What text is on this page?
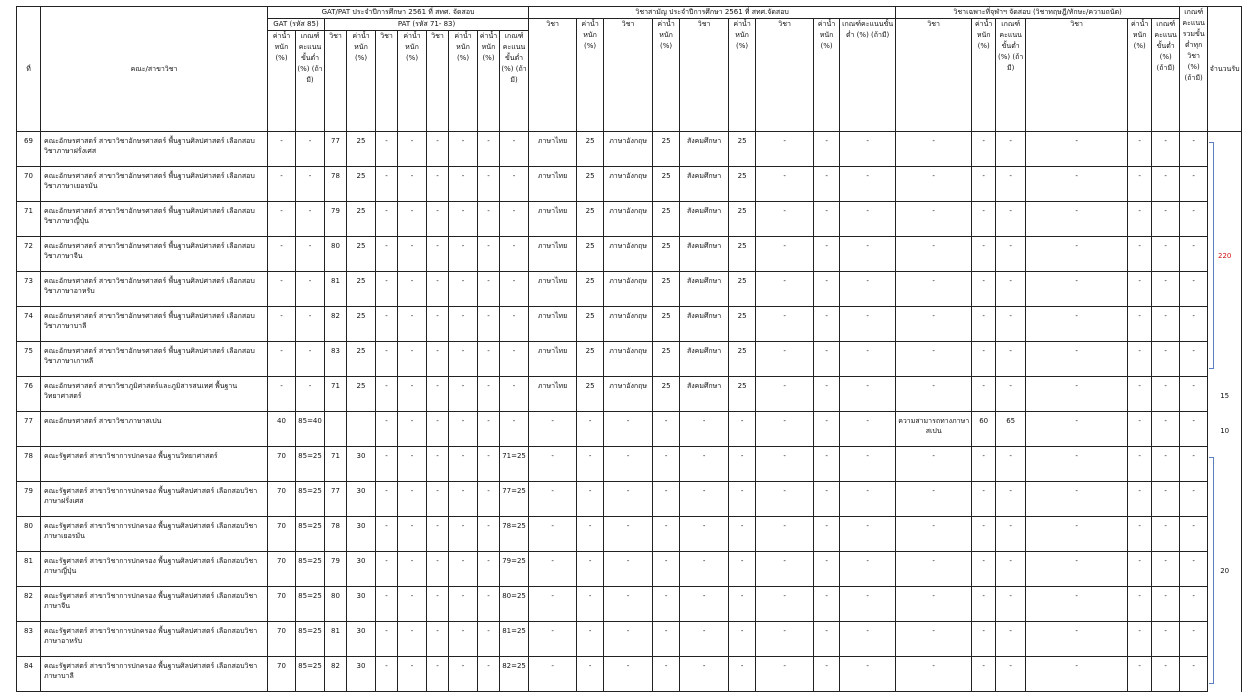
ที่	คณะ/สาขาวิชา	GAT/PAT ประจำปีการศึกษา 2561 ที่ สทศ. จัดสอบ										วิชาสามัญ ประจำปีการศึกษา 2561 ที่ สทศ.จัดสอบ									วิชาเฉพาะที่จุฬาฯ จัดสอบ (วิชาทฤษฎี/ทักษะ/ความถนัด)						เกณฑ์คะแนนรวมขั้นต่ำทุกวิชา (%) (ถ้ามี)	จำนวนรับ
		GAT (รหัส 85)		PAT (รหัส 71- 83)								วิชา	ค่าน้ำหนัก (%)	วิชา	ค่าน้ำหนัก (%)	วิชา	ค่าน้ำหนัก (%)	วิชา	ค่าน้ำหนัก (%)	เกณฑ์คะแนนขั้นต่ำ (%) (ถ้ามี)	วิชา	ค่าน้ำหนัก (%)	เกณฑ์คะแนนขั้นต่ำ (%) (ถ้ามี)	วิชา	ค่าน้ำหนัก (%)	เกณฑ์คะแนนขั้นต่ำ (%) (ถ้ามี)		
		ค่าน้ำหนัก (%)	เกณฑ์คะแนนขั้นต่ำ (%) (ถ้ามี)	วิชา	ค่าน้ำหนัก (%)	วิชา	ค่าน้ำหนัก (%)	วิชา	ค่าน้ำหนัก (%)	ค่าน้ำหนัก (%)	เกณฑ์คะแนนขั้นต่ำ (%) (ถ้ามี)																	
69	คณะอักษรศาสตร์ สาขาวิชาอักษรศาสตร์ พื้นฐานศิลปศาสตร์ เลือกสอบวิชาภาษาฝรั่งเศส	-	-	77	25	-	-	-	-	-	-	ภาษาไทย	25	ภาษาอังกฤษ	25	สังคมศึกษา	25	-	-	-	-	-	-	-	-	-	-	220
70	คณะอักษรศาสตร์ สาขาวิชาอักษรศาสตร์ พื้นฐานศิลปศาสตร์ เลือกสอบวิชาภาษาเยอรมัน	-	-	78	25	-	-	-	-	-	-	ภาษาไทย	25	ภาษาอังกฤษ	25	สังคมศึกษา	25	-	-	-	-	-	-	-	-	-	-	
71	คณะอักษรศาสตร์ สาขาวิชาอักษรศาสตร์ พื้นฐานศิลปศาสตร์ เลือกสอบวิชาภาษาญี่ปุ่น	-	-	79	25	-	-	-	-	-	-	ภาษาไทย	25	ภาษาอังกฤษ	25	สังคมศึกษา	25	-	-	-	-	-	-	-	-	-	-	
72	คณะอักษรศาสตร์ สาขาวิชาอักษรศาสตร์ พื้นฐานศิลปศาสตร์ เลือกสอบวิชาภาษาจีน	-	-	80	25	-	-	-	-	-	-	ภาษาไทย	25	ภาษาอังกฤษ	25	สังคมศึกษา	25	-	-	-	-	-	-	-	-	-	-	
73	คณะอักษรศาสตร์ สาขาวิชาอักษรศาสตร์ พื้นฐานศิลปศาสตร์ เลือกสอบวิชาภาษาอาหรับ	-	-	81	25	-	-	-	-	-	-	ภาษาไทย	25	ภาษาอังกฤษ	25	สังคมศึกษา	25	-	-	-	-	-	-	-	-	-	-	
74	คณะอักษรศาสตร์ สาขาวิชาอักษรศาสตร์ พื้นฐานศิลปศาสตร์ เลือกสอบวิชาภาษาบาลี	-	-	82	25	-	-	-	-	-	-	ภาษาไทย	25	ภาษาอังกฤษ	25	สังคมศึกษา	25	-	-	-	-	-	-	-	-	-	-	
75	คณะอักษรศาสตร์ สาขาวิชาอักษรศาสตร์ พื้นฐานศิลปศาสตร์ เลือกสอบวิชาภาษาเกาหลี	-	-	83	25	-	-	-	-	-	-	ภาษาไทย	25	ภาษาอังกฤษ	25	สังคมศึกษา	25	-	-	-	-	-	-	-	-	-	-	
76	คณะอักษรศาสตร์ สาขาวิชาภูมิศาสตร์และภูมิสารสนเทศ พื้นฐานวิทยาศาสตร์	-	-	71	25	-	-	-	-	-	-	ภาษาไทย	25	ภาษาอังกฤษ	25	สังคมศึกษา	25	-	-	-	-	-	-	-	-	-	-	15
77	คณะอักษรศาสตร์ สาขาวิชาภาษาสเปน	40	85=40			-	-	-	-	-	-	-	-	-	-	-	-	-	-	-	ความสามารถทางภาษาสเปน	60	65	-	-	-	-	10
78	คณะรัฐศาสตร์ สาขาวิชาการปกครอง พื้นฐานวิทยาศาสตร์	70	85=25	71	30	-	-	-	-	-	71=25	-	-	-	-	-	-	-	-	-	-	-	-	-	-	-	-	20
79	คณะรัฐศาสตร์ สาขาวิชาการปกครอง พื้นฐานศิลปศาสตร์ เลือกสอบวิชาภาษาฝรั่งเศส	70	85=25	77	30	-	-	-	-	-	77=25	-	-	-	-	-	-	-	-	-	-	-	-	-	-	-	-	
80	คณะรัฐศาสตร์ สาขาวิชาการปกครอง พื้นฐานศิลปศาสตร์ เลือกสอบวิชาภาษาเยอรมัน	70	85=25	78	30	-	-	-	-	-	78=25	-	-	-	-	-	-	-	-	-	-	-	-	-	-	-	-	
81	คณะรัฐศาสตร์ สาขาวิชาการปกครอง พื้นฐานศิลปศาสตร์ เลือกสอบวิชาภาษาญี่ปุ่น	70	85=25	79	30	-	-	-	-	-	79=25	-	-	-	-	-	-	-	-	-	-	-	-	-	-	-	-	
82	คณะรัฐศาสตร์ สาขาวิชาการปกครอง พื้นฐานศิลปศาสตร์ เลือกสอบวิชาภาษาจีน	70	85=25	80	30	-	-	-	-	-	80=25	-	-	-	-	-	-	-	-	-	-	-	-	-	-	-	-	
83	คณะรัฐศาสตร์ สาขาวิชาการปกครอง พื้นฐานศิลปศาสตร์ เลือกสอบวิชาภาษาอาหรับ	70	85=25	81	30	-	-	-	-	-	81=25	-	-	-	-	-	-	-	-	-	-	-	-	-	-	-	-	
84	คณะรัฐศาสตร์ สาขาวิชาการปกครอง พื้นฐานศิลปศาสตร์ เลือกสอบวิชาภาษาบาลี	70	85=25	82	30	-	-	-	-	-	82=25	-	-	-	-	-	-	-	-	-	-	-	-	-	-	-	-	
